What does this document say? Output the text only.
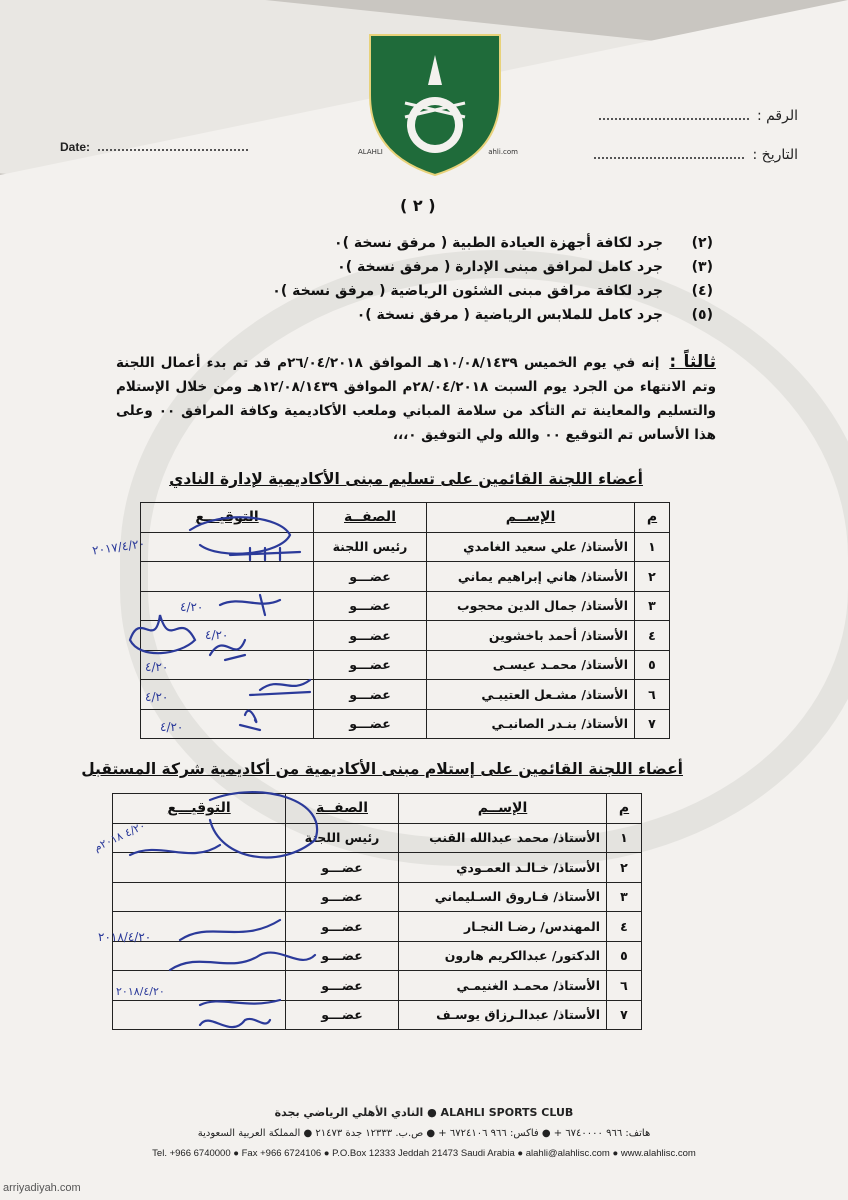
ALAHLI	ahli.com
الرقم :
التاريخ :
Date:
( ٢ )
(٢)
جرد لكافة أجهزة العيادة الطبية ( مرفق نسخة )٠
(٣)
جرد كامل لمرافق مبنى الإدارة ( مرفق نسخة )٠
(٤)
جرد لكافة مرافق مبنى الشئون الرياضية ( مرفق نسخة )٠
(٥)
جرد كامل للملابس الرياضية ( مرفق نسخة )٠
ثالثاً :إنه في يوم الخميس ١٠/٠٨/١٤٣٩هـ الموافق ٢٦/٠٤/٢٠١٨م قد تم بدء أعمال اللجنة وتم الانتهاء من الجرد يوم السبت ٢٨/٠٤/٢٠١٨م الموافق ١٢/٠٨/١٤٣٩هـ ومن خلال الإستلام والتسليم والمعاينة تم التأكد من سلامة المباني وملعب الأكاديمية وكافة المرافق ٠٠ وعلى هذا الأساس تم التوقيع ٠٠ والله ولي التوفيق ٠،،،
أعضاء اللجنة القائمين على تسليم مبنى الأكاديمية لإدارة النادي
م	الإســم	الصفــة	التوقيـــع
١	الأستاذ/ علي سعيد الغامدي	رئيس اللجنة	
٢	الأستاذ/ هاني إبراهيم يماني	عضـــو	
٣	الأستاذ/ جمال الدين محجوب	عضـــو	
٤	الأستاذ/ أحمد باخشوين	عضـــو	
٥	الأستاذ/ محمـد عيسـى	عضـــو	
٦	الأستاذ/ مشـعل العتيبـي	عضـــو	
٧	الأستاذ/ بنـدر الصانبـي	عضـــو	
أعضاء اللجنة القائمين على إستلام مبنى الأكاديمية من أكاديمية شركة المستقبل
م	الإســم	الصفــة	التوقيـــع
١	الأستاذ/ محمد عبدالله القنب	رئيس اللجنة	
٢	الأستاذ/ خـالـد العمـودي	عضـــو	
٣	الأستاذ/ فـاروق السـليماني	عضـــو	
٤	المهندس/ رضـا النجـار	عضـــو	
٥	الدكتور/ عبدالكريم هارون	عضـــو	
٦	الأستاذ/ محمـد الغنيمـي	عضـــو	
٧	الأستاذ/ عبدالـرزاق يوسـف	عضـــو	
٢٠١٧/٤/٢٠
٤/٢٠
٤/٢٠
٤/٢٠
٤/٢٠
٤/٢٠
٤/٢٠ ٢٠١٨م
٢٠١٨/٤/٢٠
٢٠١٨/٤/٢٠
النادي الأهلي الرياضي بجدة ● ALAHLI SPORTS CLUB
هاتف: ٩٦٦ ٦٧٤٠٠٠٠ + ● فاكس: ٩٦٦ ٦٧٢٤١٠٦ + ● ص.ب. ١٢٣٣٣ جدة ٢١٤٧٣ ● المملكة العربية السعودية
Tel. +966 6740000 ● Fax +966 6724106 ● P.O.Box 12333 Jeddah 21473 Saudi Arabia ● alahli@alahlisc.com ● www.alahlisc.com
arriyadiyah.com
